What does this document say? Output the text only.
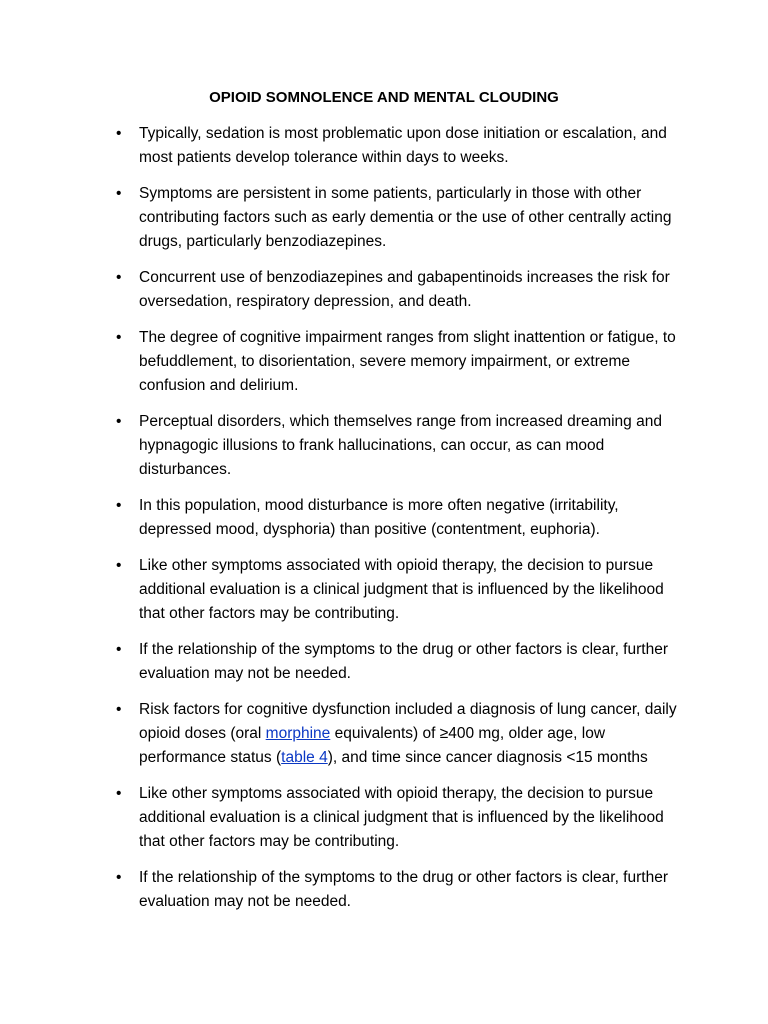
OPIOID SOMNOLENCE AND MENTAL CLOUDING
• Typically, sedation is most problematic upon dose initiation or escalation, and most patients develop tolerance within days to weeks.
• Symptoms are persistent in some patients, particularly in those with other contributing factors such as early dementia or the use of other centrally acting drugs, particularly benzodiazepines.
• Concurrent use of benzodiazepines and gabapentinoids increases the risk for oversedation, respiratory depression, and death.
• The degree of cognitive impairment ranges from slight inattention or fatigue, to befuddlement, to disorientation, severe memory impairment, or extreme confusion and delirium.
• Perceptual disorders, which themselves range from increased dreaming and hypnagogic illusions to frank hallucinations, can occur, as can mood disturbances.
• In this population, mood disturbance is more often negative (irritability, depressed mood, dysphoria) than positive (contentment, euphoria).
• Like other symptoms associated with opioid therapy, the decision to pursue additional evaluation is a clinical judgment that is influenced by the likelihood that other factors may be contributing.
• If the relationship of the symptoms to the drug or other factors is clear, further evaluation may not be needed.
• Risk factors for cognitive dysfunction included a diagnosis of lung cancer, daily opioid doses (oral morphine equivalents) of ≥400 mg, older age, low performance status (table 4), and time since cancer diagnosis <15 months
• Like other symptoms associated with opioid therapy, the decision to pursue additional evaluation is a clinical judgment that is influenced by the likelihood that other factors may be contributing.
• If the relationship of the symptoms to the drug or other factors is clear, further evaluation may not be needed.
